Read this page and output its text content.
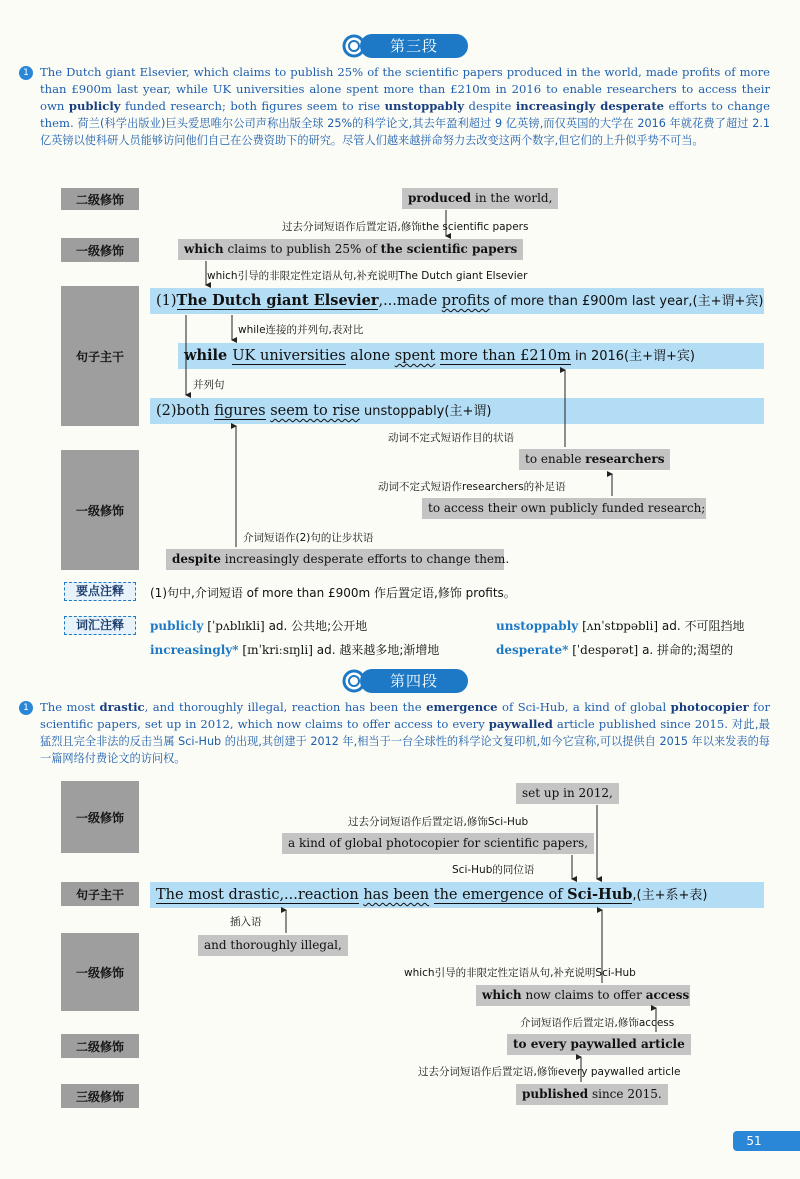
第三段
1 The Dutch giant Elsevier, which claims to publish 25% of the scientific papers produced in the world, made profits of more than £900m last year, while UK universities alone spent more than £210m in 2016 to enable researchers to access their own publicly funded research; both figures seem to rise unstoppably despite increasingly desperate efforts to change them. 荷兰(科学出版业)巨头爱思唯尔公司声称出版全球 25%的科学论文,其去年盈利超过 9 亿英镑,而仅英国的大学在 2016 年就花费了超过 2.1 亿英镑以使科研人员能够访问他们自己在公费资助下的研究。尽管人们越来越拼命努力去改变这两个数字,但它们的上升似乎势不可当。
二级修饰
一级修饰
句子主干
一级修饰
produced in the world,
which claims to publish 25% of the scientific papers
(1)The Dutch giant Elsevier,...made profits of more than £900m last year,(主+谓+宾)
while UK universities alone spent more than £210m in 2016(主+谓+宾)
(2)both figures seem to rise unstoppably(主+谓)
to enable researchers
to access their own publicly funded research;
despite increasingly desperate efforts to change them.
过去分词短语作后置定语,修饰the scientific papers
which引导的非限定性定语从句,补充说明The Dutch giant Elsevier
while连接的并列句,表对比
并列句
动词不定式短语作目的状语
动词不定式短语作researchers的补足语
介词短语作(2)句的让步状语
要点注释	(1)句中,介词短语 of more than £900m 作后置定语,修饰 profits。
词汇注释	publicly [ˈpʌblɪkli] ad. 公共地;公开地	unstoppably [ʌnˈstɒpəbli] ad. 不可阻挡地
increasingly* [ɪnˈkriːsɪŋli] ad. 越来越多地;渐增地	desperate* [ˈdespərət] a. 拼命的;渴望的
第四段
1 The most drastic, and thoroughly illegal, reaction has been the emergence of Sci-Hub, a kind of global photocopier for scientific papers, set up in 2012, which now claims to offer access to every paywalled article published since 2015. 对此,最猛烈且完全非法的反击当属 Sci-Hub 的出现,其创建于 2012 年,相当于一台全球性的科学论文复印机,如今它宣称,可以提供自 2015 年以来发表的每一篇网络付费论文的访问权。
一级修饰
句子主干
一级修饰
二级修饰
三级修饰
set up in 2012,
a kind of global photocopier for scientific papers,
The most drastic,...reaction has been the emergence of Sci-Hub,(主+系+表)
and thoroughly illegal,
which now claims to offer access
to every paywalled article
published since 2015.
过去分词短语作后置定语,修饰Sci-Hub
Sci-Hub的同位语
插入语
which引导的非限定性定语从句,补充说明Sci-Hub
介词短语作后置定语,修饰access
过去分词短语作后置定语,修饰every paywalled article
51
